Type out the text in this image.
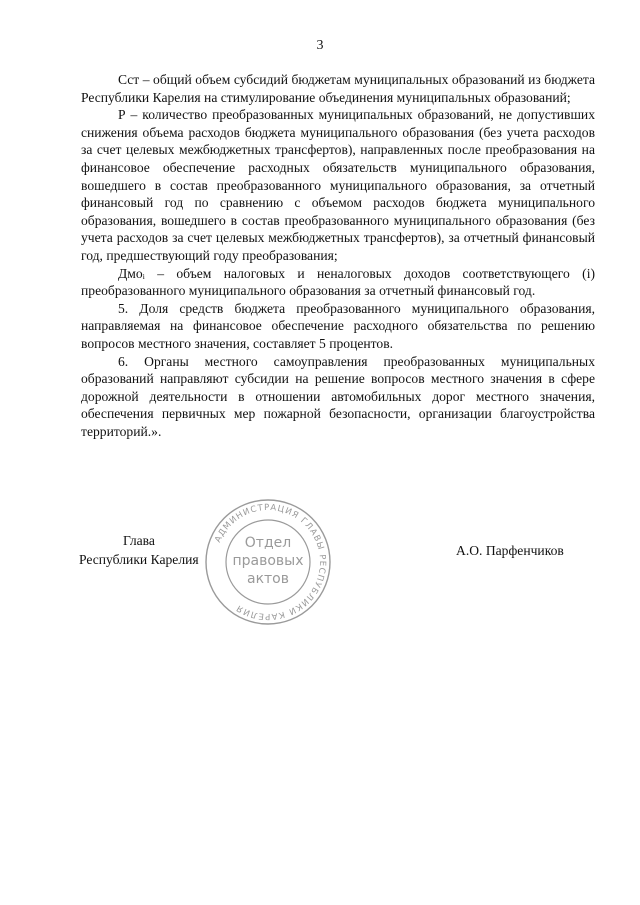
3

Сст – общий объем субсидий бюджетам муниципальных образований из бюджета Республики Карелия на стимулирование объединения муниципальных образований;

Р – количество преобразованных муниципальных образований, не допустивших снижения объема расходов бюджета муниципального образования (без учета расходов за счет целевых межбюджетных трансфертов), направленных после преобразования на финансовое обеспечение расходных обязательств муниципального образования, вошедшего в состав преобразованного муниципального образования, за отчетный финансовый год по сравнению с объемом расходов бюджета муниципального образования, вошедшего в состав преобразованного муниципального образования (без учета расходов за счет целевых межбюджетных трансфертов), за отчетный финансовый год, предшествующий году преобразования;

Дмоᵢ – объем налоговых и неналоговых доходов соответствующего (i) преобразованного муниципального образования за отчетный финансовый год.

5. Доля средств бюджета преобразованного муниципального образования, направляемая на финансовое обеспечение расходного обязательства по решению вопросов местного значения, составляет 5 процентов.

6. Органы местного самоуправления преобразованных муниципальных образований направляют субсидии на решение вопросов местного значения в сфере дорожной деятельности в отношении автомобильных дорог местного значения, обеспечения первичных мер пожарной безопасности, организации благоустройства территорий.».

Глава
Республики Карелия
АДМИНИСТРАЦИЯ ГЛАВЫ РЕСПУБЛИКИ КАРЕЛИЯ
Отдел
правовых
актов
А.О. Парфенчиков
